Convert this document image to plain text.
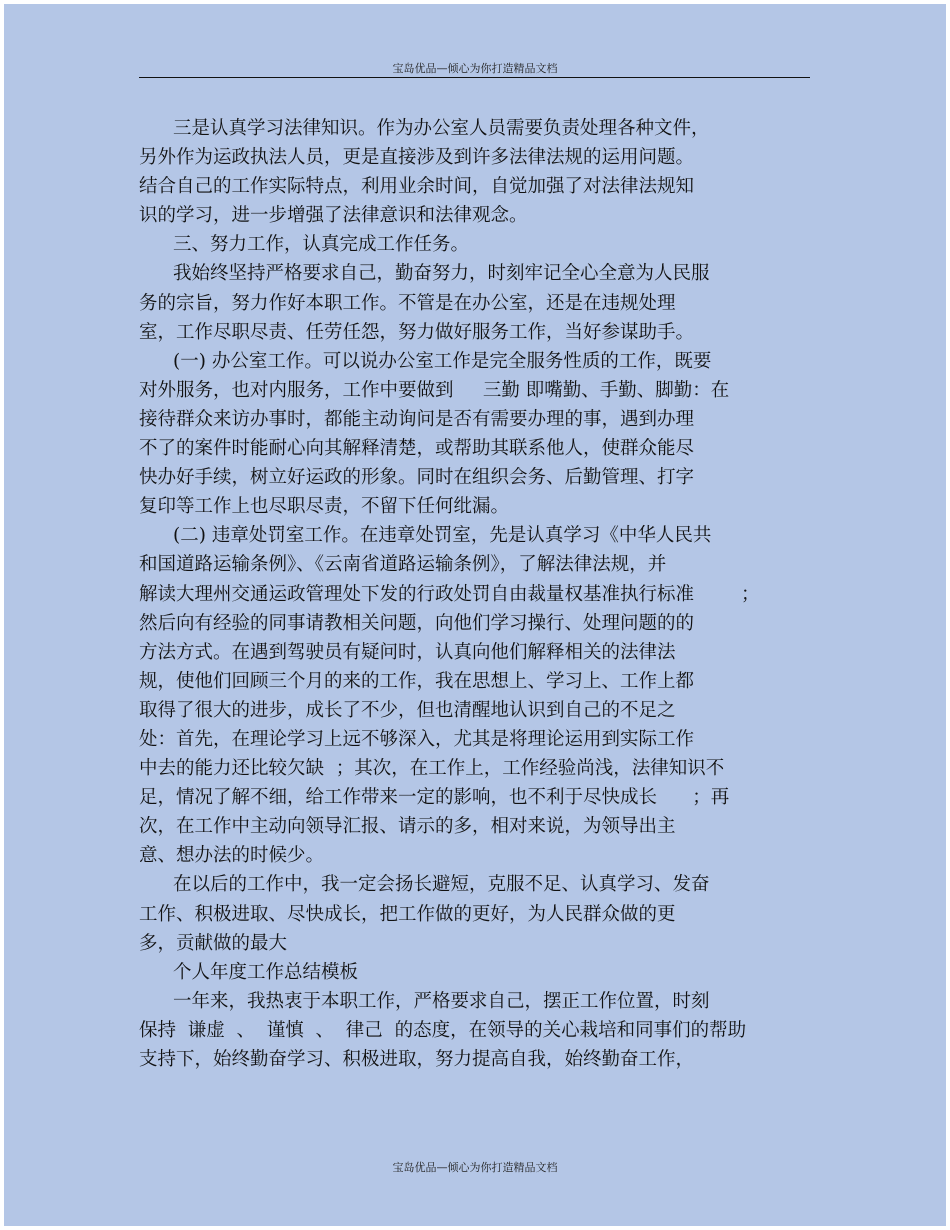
宝岛优品—倾心为你打造精品文档
三是认真学习法律知识。作为办公室人员需要负责处理各种文件，
另外作为运政执法人员，更是直接涉及到许多法律法规的运用问题。
结合自己的工作实际特点，利用业余时间，自觉加强了对法律法规知
识的学习，进一步增强了法律意识和法律观念。
三、努力工作，认真完成工作任务。
我始终坚持严格要求自己，勤奋努力，时刻牢记全心全意为人民服
务的宗旨，努力作好本职工作。不管是在办公室，还是在违规处理
室，工作尽职尽责、任劳任怨，努力做好服务工作，当好参谋助手。
(一) 办公室工作。可以说办公室工作是完全服务性质的工作，既要
对外服务，也对内服务，工作中要做到     三勤 即嘴勤、手勤、脚勤：在
接待群众来访办事时，都能主动询问是否有需要办理的事，遇到办理
不了的案件时能耐心向其解释清楚，或帮助其联系他人，使群众能尽
快办好手续，树立好运政的形象。同时在组织会务、后勤管理、打字
复印等工作上也尽职尽责，不留下任何纰漏。
(二) 违章处罚室工作。在违章处罚室，先是认真学习《中华人民共
和国道路运输条例》、《云南省道路运输条例》，了解法律法规，并
解读大理州交通运政管理处下发的行政处罚自由裁量权基准执行标准        ；
然后向有经验的同事请教相关问题，向他们学习操行、处理问题的的
方法方式。在遇到驾驶员有疑问时，认真向他们解释相关的法律法
规，使他们回顾三个月的来的工作，我在思想上、学习上、工作上都
取得了很大的进步，成长了不少，但也清醒地认识到自己的不足之
处：首先，在理论学习上远不够深入，尤其是将理论运用到实际工作
中去的能力还比较欠缺  ；其次，在工作上，工作经验尚浅，法律知识不
足，情况了解不细，给工作带来一定的影响，也不利于尽快成长      ；再
次，在工作中主动向领导汇报、请示的多，相对来说，为领导出主
意、想办法的时候少。
在以后的工作中，我一定会扬长避短，克服不足、认真学习、发奋
工作、积极进取、尽快成长，把工作做的更好，为人民群众做的更
多，贡献做的最大
个人年度工作总结模板
一年来，我热衷于本职工作，严格要求自己，摆正工作位置，时刻
保持  谦虚  、  谨慎  、  律己  的态度，在领导的关心栽培和同事们的帮助
支持下，始终勤奋学习、积极进取，努力提高自我，始终勤奋工作，
宝岛优品—倾心为你打造精品文档
